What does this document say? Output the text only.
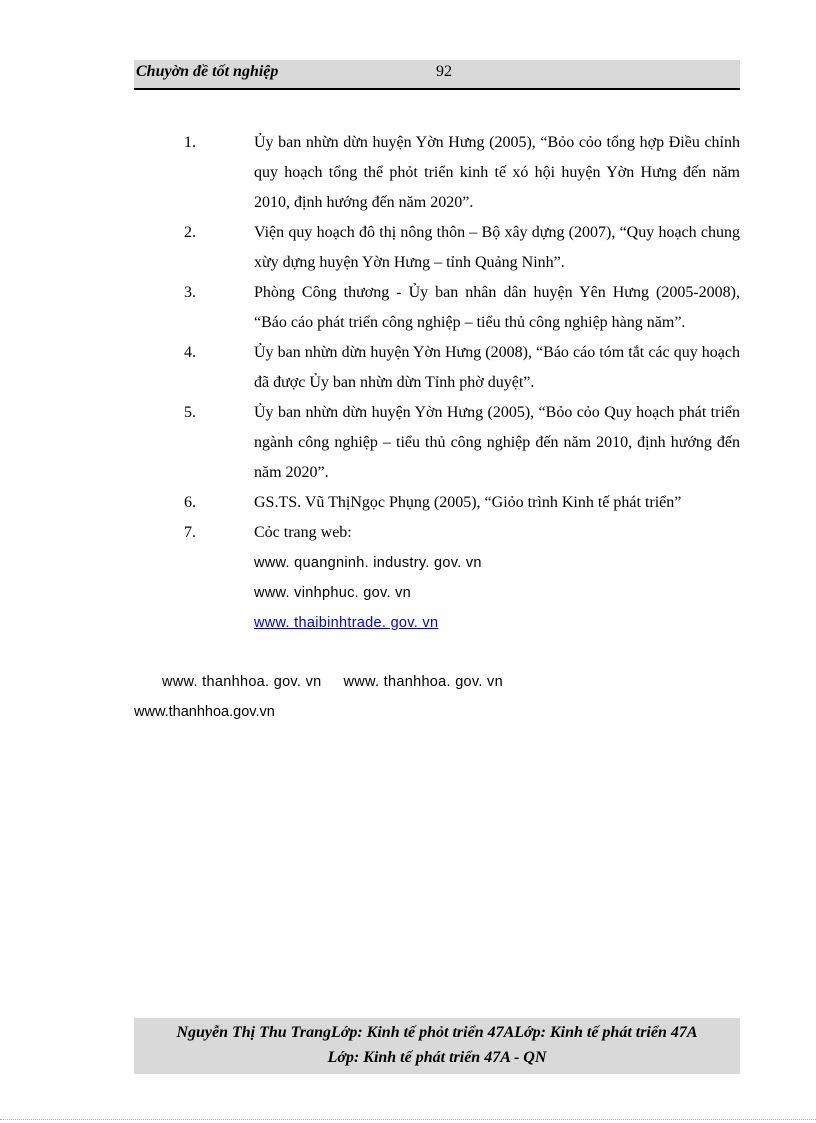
Chuyờn đề tốt nghiệp	92
1.	Ủy ban nhừn dừn huyện Yờn Hưng (2005), “Bỏo cỏo tổng hợp Điều chỉnh quy hoạch tổng thể phỏt triển kinh tế xó hội huyện Yờn Hưng đến năm 2010, định hướng đến năm 2020”.
2.	Viện quy hoạch đô thị nông thôn – Bộ xây dựng (2007), “Quy hoạch chung xừy dựng huyện Yờn Hưng – tỉnh Quảng Ninh”.
3.	Phòng Công thương - Ủy ban nhân dân huyện Yên Hưng (2005-2008), “Báo cáo phát triển công nghiệp – tiểu thủ công nghiệp hàng năm”.
4.	Ủy ban nhừn dừn huyện Yờn Hưng (2008), “Báo cáo tóm tắt các quy hoạch đã được Ủy ban nhừn dừn Tỉnh phờ duyệt”.
5.	Ủy ban nhừn dừn huyện Yờn Hưng (2005), “Bỏo cỏo Quy hoạch phát triển ngành công nghiệp – tiểu thủ công nghiệp đến năm 2010, định hướng đến năm 2020”.
6.	GS.TS. Vũ ThịNgọc Phụng (2005), “Giỏo trình Kinh tế phát triển”
7.	Cỏc trang web:
www. quangninh. industry. gov. vn
www. vinhphuc. gov. vn
www. thaibinhtrade. gov. vn
www. thanhhoa. gov. vn www. thanhhoa. gov. vn
www.thanhhoa.gov.vn
Nguyễn Thị Thu TrangLớp: Kinh tế phỏt triển 47ALớp: Kinh tế phát triển 47A
Lớp: Kinh tế phát triển 47A - QN
